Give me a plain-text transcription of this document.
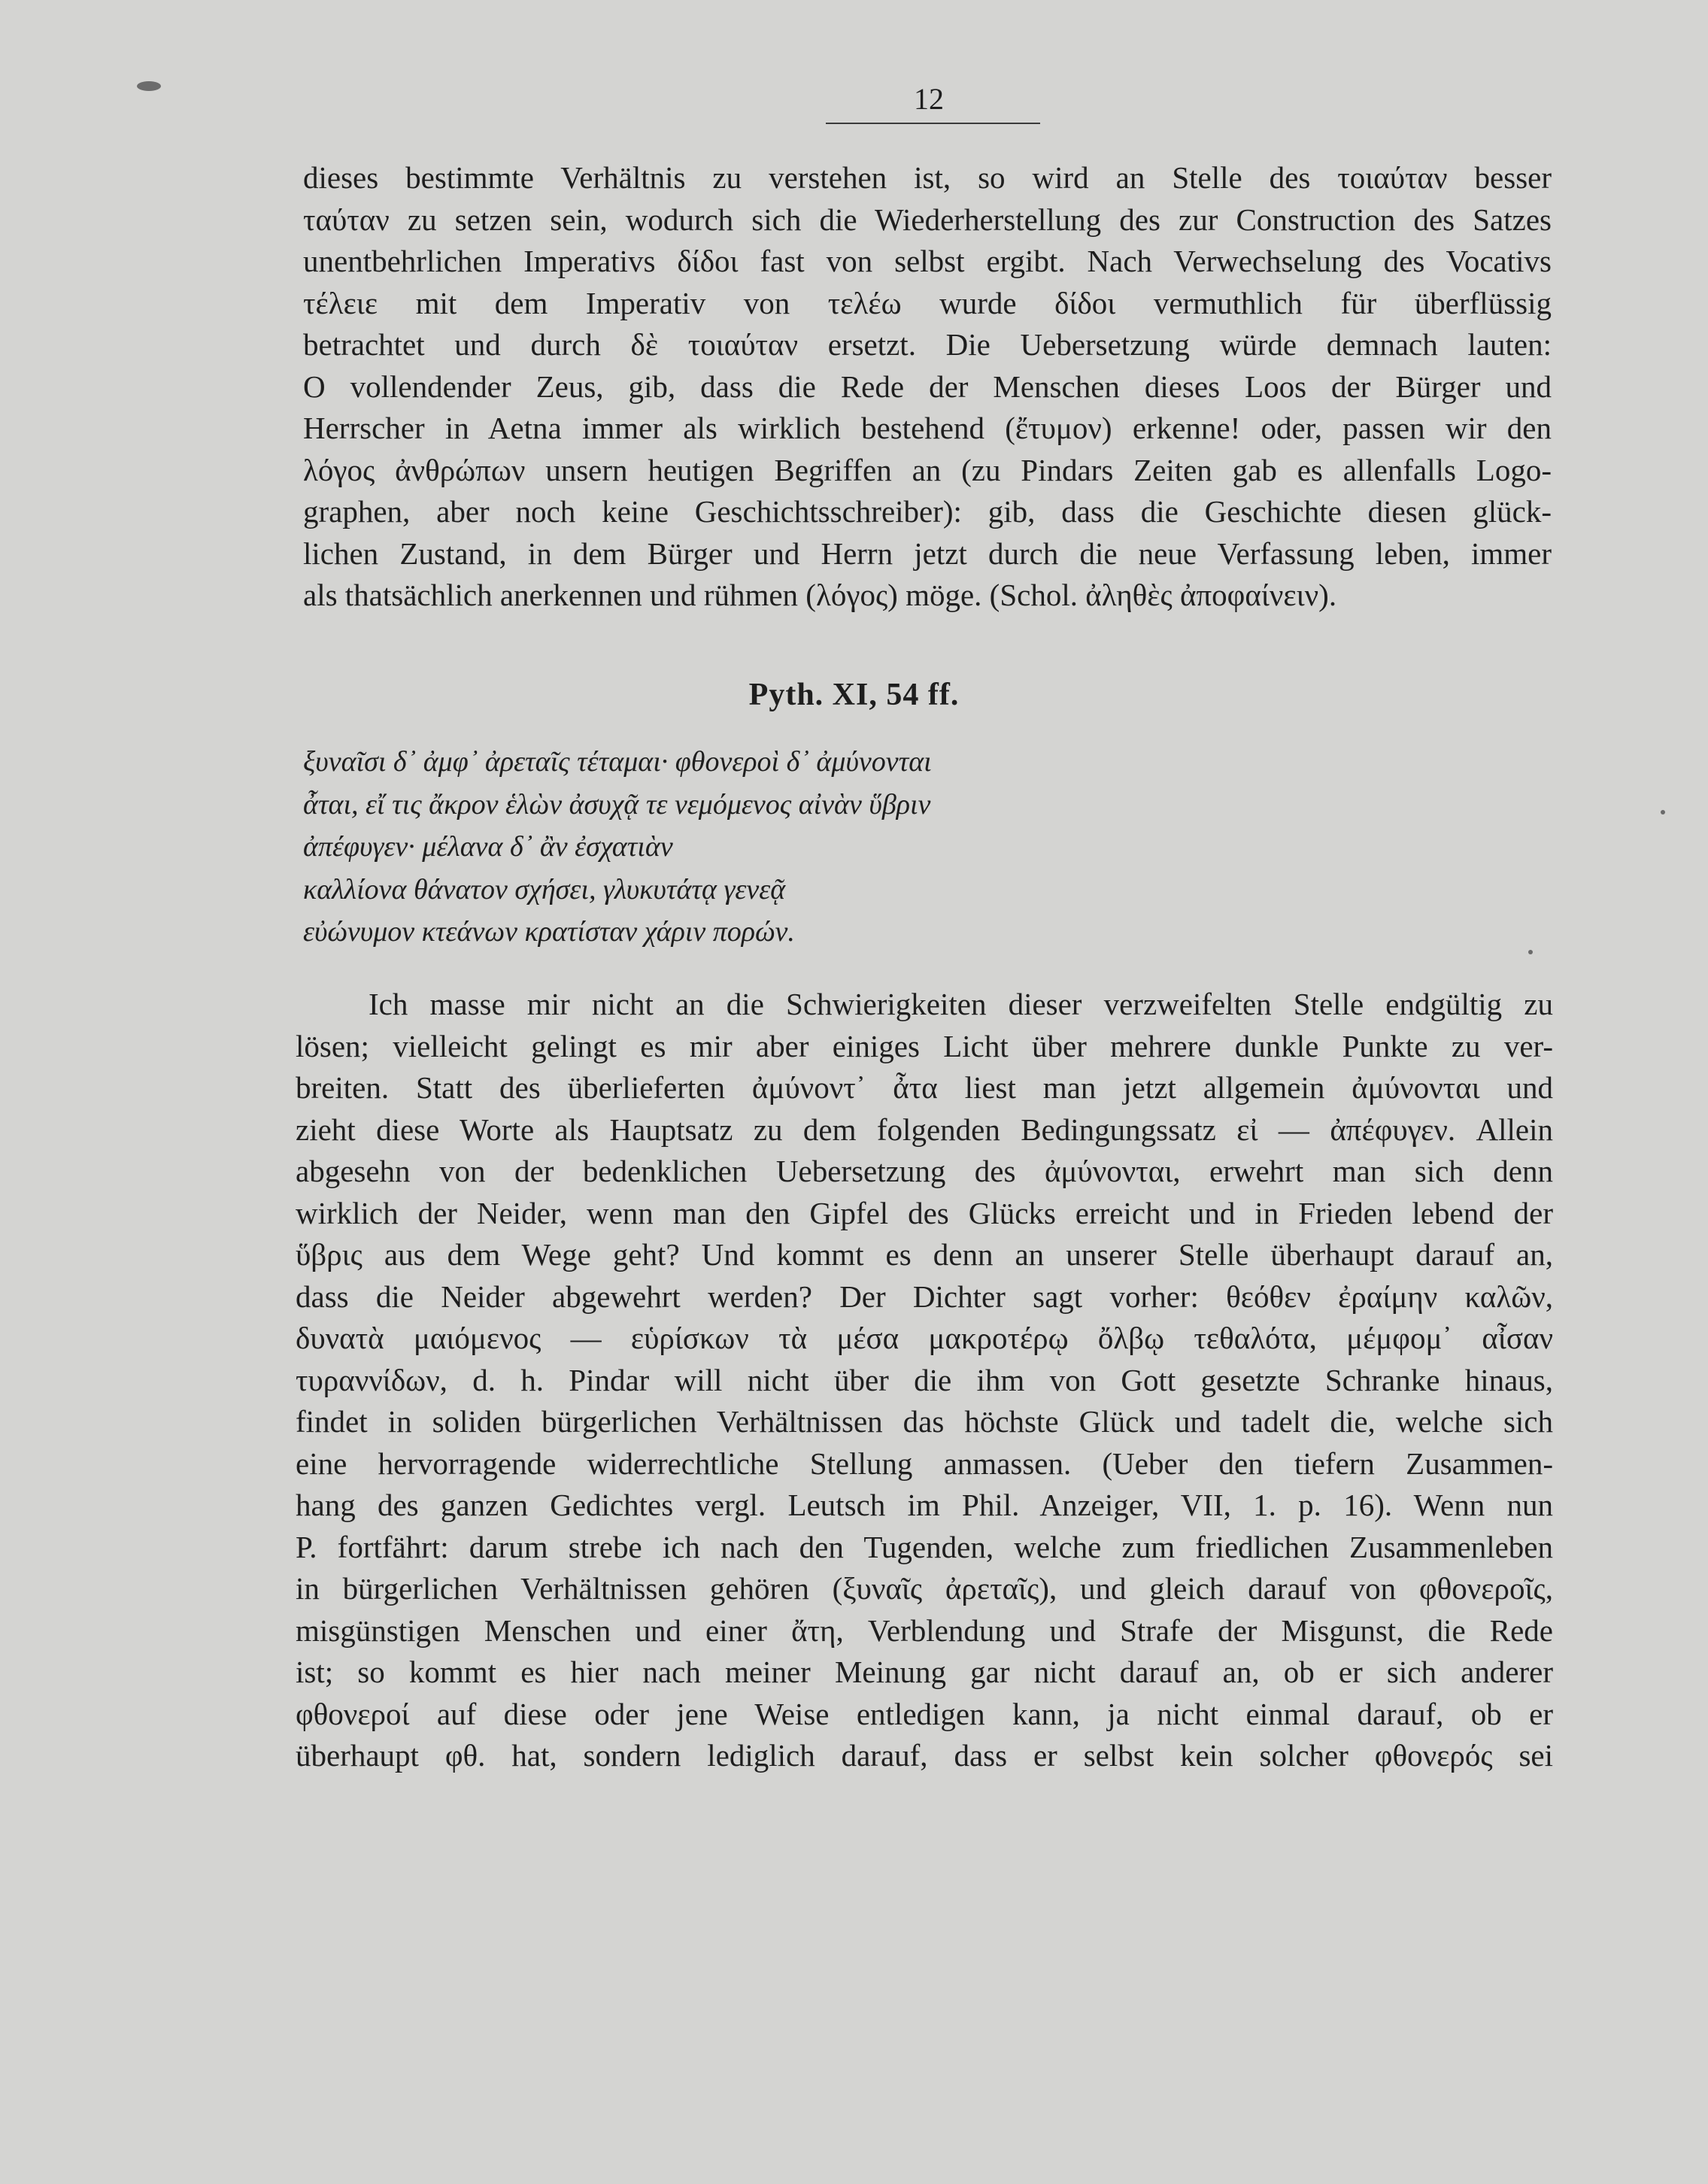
12
dieses bestimmte Verhältnis zu verstehen ist, so wird an Stelle des τοιαύταν besser
ταύταν zu setzen sein, wodurch sich die Wiederherstellung des zur Construction des Satzes
unentbehrlichen Imperativs δίδοι fast von selbst ergibt. Nach Verwechselung des Vocativs
τέλειε mit dem Imperativ von τελέω wurde δίδοι vermuthlich für überflüssig
betrachtet und durch δὲ τοιαύταν ersetzt. Die Uebersetzung würde demnach lauten:
O vollendender Zeus, gib, dass die Rede der Menschen dieses Loos der Bürger und
Herrscher in Aetna immer als wirklich bestehend (ἔτυμον) erkenne! oder, passen wir den
λόγος ἀνθρώπων unsern heutigen Begriffen an (zu Pindars Zeiten gab es allenfalls Logo-
graphen, aber noch keine Geschichtsschreiber): gib, dass die Geschichte diesen glück-
lichen Zustand, in dem Bürger und Herrn jetzt durch die neue Verfassung leben, immer
als thatsächlich anerkennen und rühmen (λόγος) möge. (Schol. ἀληθὲς ἀποφαίνειν).
Pyth. XI, 54 ff.
ξυναῖσι δ᾽ ἀμφ᾽ ἀρεταῖς τέταμαι· φθονεροὶ δ᾽ ἀμύνονται
ἆται, εἴ τις ἄκρον ἑλὼν ἀσυχᾷ τε νεμόμενος αἰνὰν ὕβριν
ἀπέφυγεν· μέλανα δ᾽ ἂν ἐσχατιὰν
καλλίονα θάνατον σχήσει, γλυκυτάτᾳ γενεᾷ
εὐώνυμον κτεάνων κρατίσταν χάριν πορών.
Ich masse mir nicht an die Schwierigkeiten dieser verzweifelten Stelle endgültig zu
lösen; vielleicht gelingt es mir aber einiges Licht über mehrere dunkle Punkte zu ver-
breiten. Statt des überlieferten ἀμύνοντ᾽ ἆτα liest man jetzt allgemein ἀμύνονται und
zieht diese Worte als Hauptsatz zu dem folgenden Bedingungssatz εἰ — ἀπέφυγεν. Allein
abgesehn von der bedenklichen Uebersetzung des ἀμύνονται, erwehrt man sich denn
wirklich der Neider, wenn man den Gipfel des Glücks erreicht und in Frieden lebend der
ὕβρις aus dem Wege geht? Und kommt es denn an unserer Stelle überhaupt darauf an,
dass die Neider abgewehrt werden? Der Dichter sagt vorher: θεόθεν ἐραίμην καλῶν,
δυνατὰ μαιόμενος — εὑρίσκων τὰ μέσα μακροτέρῳ ὄλβῳ τεθαλότα, μέμφομ᾽ αἶσαν
τυραννίδων, d. h. Pindar will nicht über die ihm von Gott gesetzte Schranke hinaus,
findet in soliden bürgerlichen Verhältnissen das höchste Glück und tadelt die, welche sich
eine hervorragende widerrechtliche Stellung anmassen. (Ueber den tiefern Zusammen-
hang des ganzen Gedichtes vergl. Leutsch im Phil. Anzeiger, VII, 1. p. 16). Wenn nun
P. fortfährt: darum strebe ich nach den Tugenden, welche zum friedlichen Zusammenleben
in bürgerlichen Verhältnissen gehören (ξυναῖς ἀρεταῖς), und gleich darauf von φθονεροῖς,
misgünstigen Menschen und einer ἄτη, Verblendung und Strafe der Misgunst, die Rede
ist; so kommt es hier nach meiner Meinung gar nicht darauf an, ob er sich anderer
φθονεροί auf diese oder jene Weise entledigen kann, ja nicht einmal darauf, ob er
überhaupt φθ. hat, sondern lediglich darauf, dass er selbst kein solcher φθονερός sei
